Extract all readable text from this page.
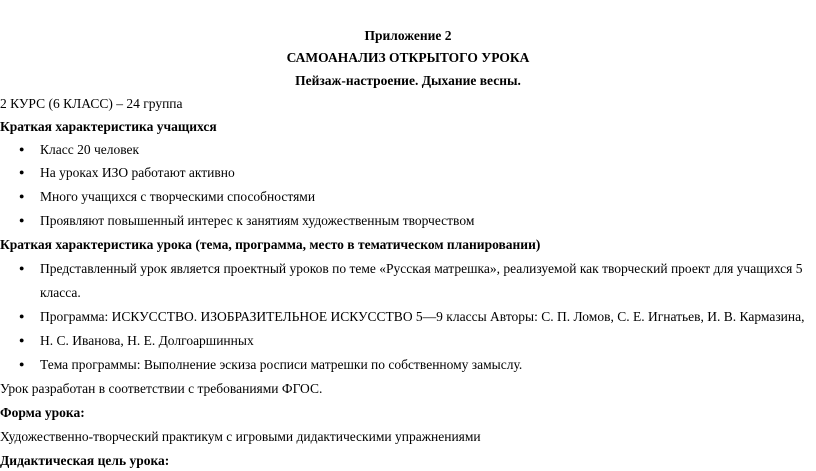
Приложение 2
САМОАНАЛИЗ ОТКРЫТОГО УРОКА
Пейзаж-настроение. Дыхание весны.
2 КУРС (6 КЛАСС) – 24 группа
Краткая характеристика учащихся
● Класс 20 человек
● На уроках ИЗО работают активно
● Много учащихся с творческими способностями
● Проявляют повышенный интерес к занятиям художественным творчеством
Краткая характеристика урока (тема, программа, место в тематическом планировании)
● Представленный урок является проектный уроков по теме «Русская матрешка», реализуемой как творческий проект для учащихся 5
класса.
● Программа: ИСКУССТВО. ИЗОБРАЗИТЕЛЬНОЕ ИСКУССТВО 5—9 классы Авторы: С. П. Ломов, С. Е. Игнатьев, И. В. Кармазина,
● Н. С. Иванова, Н. Е. Долгоаршинных
● Тема программы: Выполнение эскиза росписи матрешки по собственному замыслу.
Урок разработан в соответствии с требованиями ФГОС.
Форма урока:
Художественно-творческий практикум с игровыми дидактическими упражнениями
Дидактическая цель урока:
